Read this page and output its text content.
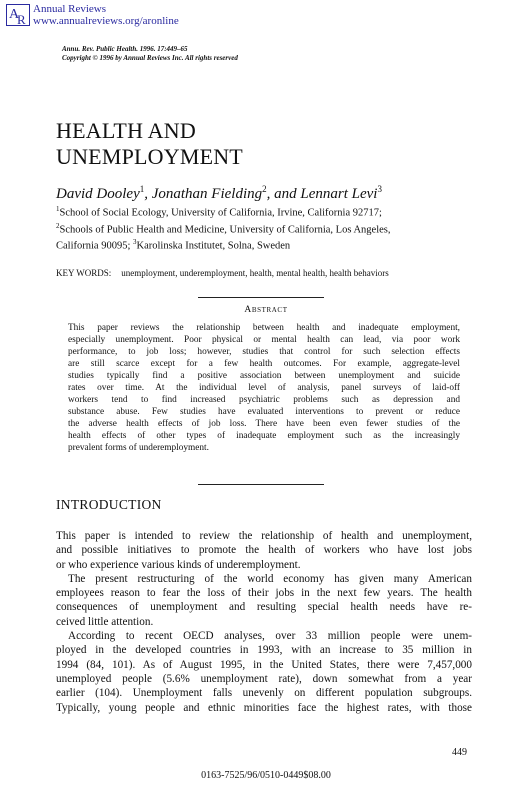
A
R
Annual Reviews
www.annualreviews.org/aronline
Annu. Rev. Public Health. 1996. 17:449–65
Copyright © 1996 by Annual Reviews Inc. All rights reserved
HEALTH AND
UNEMPLOYMENT
David Dooley$^1$, Jonathan Fielding$^2$, and Lennart Levi$^3$
$^1$School of Social Ecology, University of California, Irvine, California 92717;
$^2$Schools of Public Health and Medicine, University of California, Los Angeles,
California 90095; $^3$Karolinska Institutet, Solna, Sweden
KEY WORDS: unemployment, underemployment, health, mental health, health behaviors
Abstract
This paper reviews the relationship between health and inadequate employment,
especially unemployment. Poor physical or mental health can lead, via poor work
performance, to job loss; however, studies that control for such selection effects
are still scarce except for a few health outcomes. For example, aggregate-level
studies typically find a positive association between unemployment and suicide
rates over time. At the individual level of analysis, panel surveys of laid-off
workers tend to find increased psychiatric problems such as depression and
substance abuse. Few studies have evaluated interventions to prevent or reduce
the adverse health effects of job loss. There have been even fewer studies of the
health effects of other types of inadequate employment such as the increasingly
prevalent forms of underemployment.
INTRODUCTION
This paper is intended to review the relationship of health and unemployment,
and possible initiatives to promote the health of workers who have lost jobs
or who experience various kinds of underemployment.
The present restructuring of the world economy has given many American
employees reason to fear the loss of their jobs in the next few years. The health
consequences of unemployment and resulting special health needs have re-
ceived little attention.
According to recent OECD analyses, over 33 million people were unem-
ployed in the developed countries in 1993, with an increase to 35 million in
1994 (84, 101). As of August 1995, in the United States, there were 7,457,000
unemployed people (5.6% unemployment rate), down somewhat from a year
earlier (104). Unemployment falls unevenly on different population subgroups.
Typically, young people and ethnic minorities face the highest rates, with those
449
0163-7525/96/0510-0449$08.00
